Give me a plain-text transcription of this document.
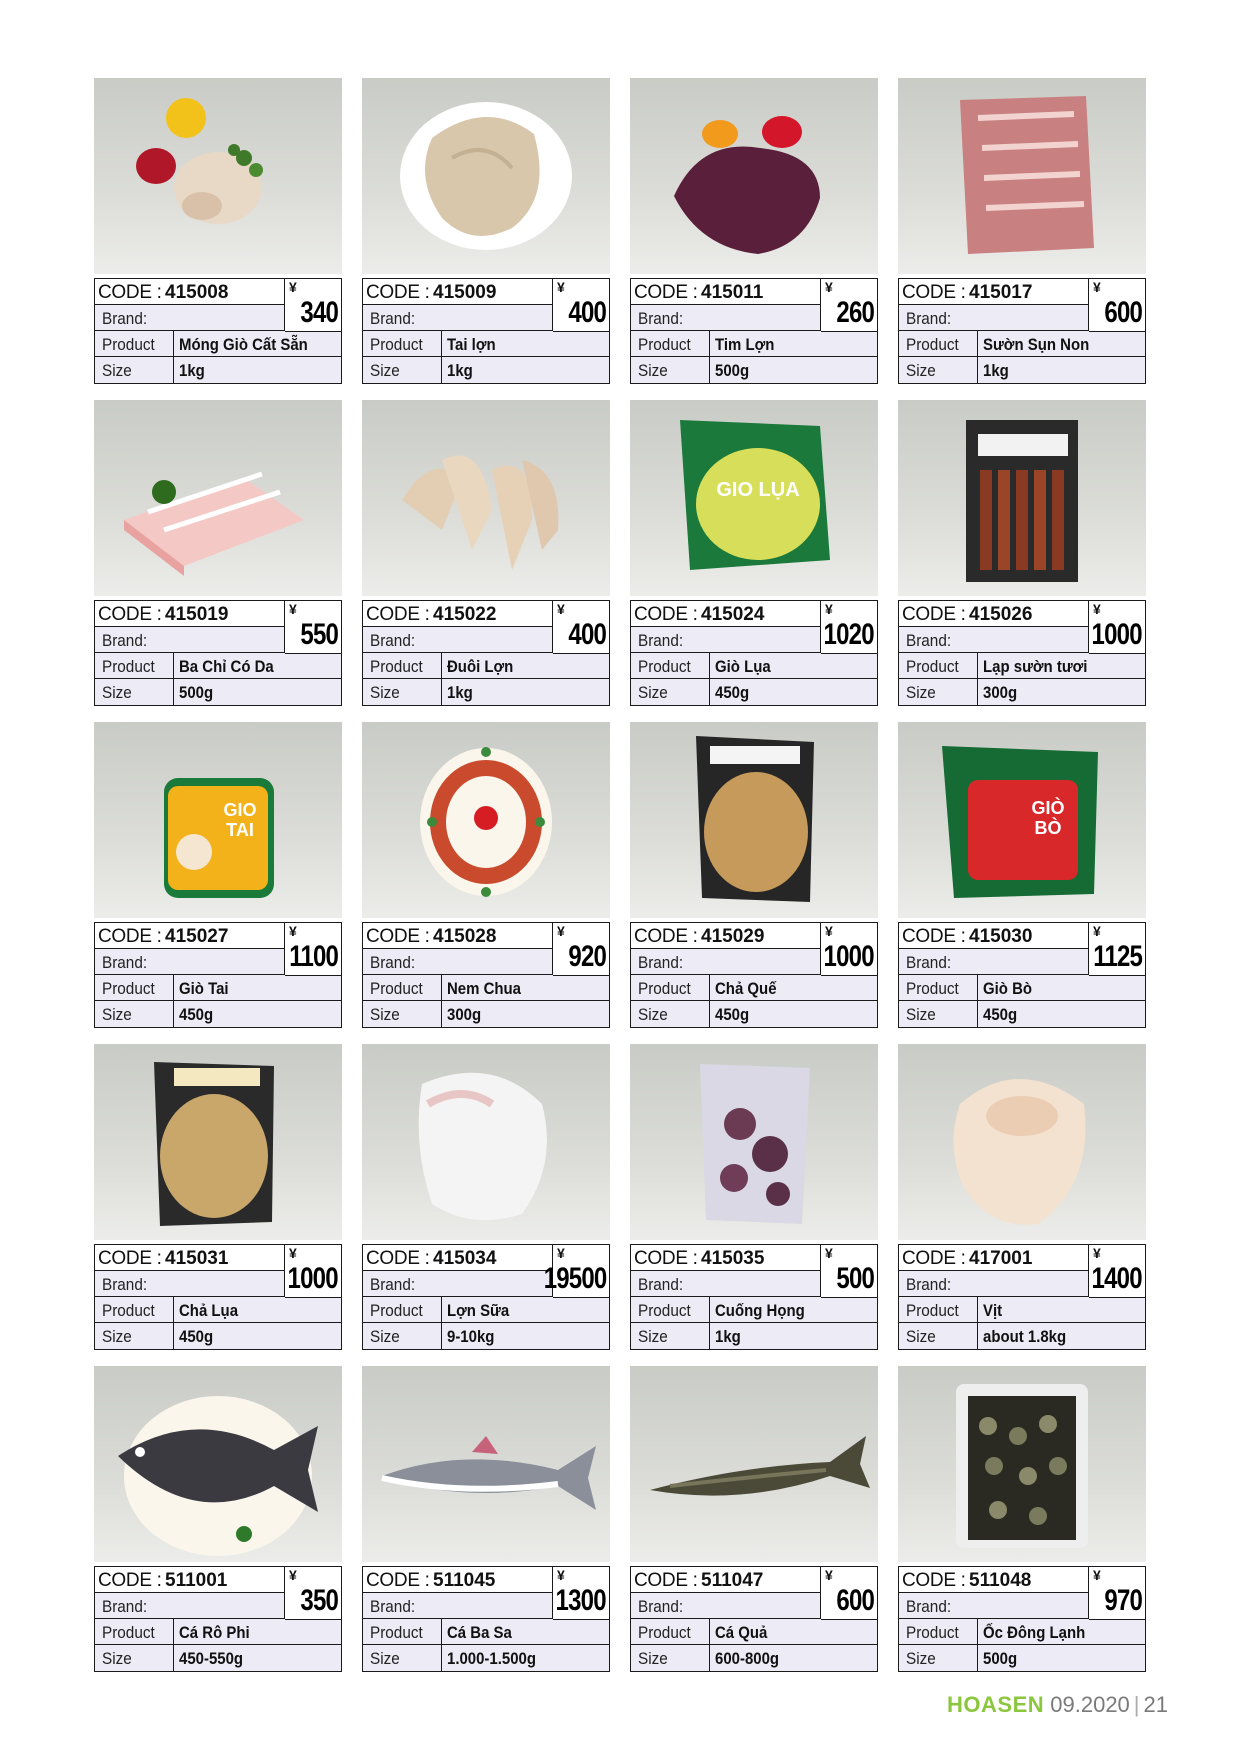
CODE : 415008
Brand:
Product Móng Giò Cất Sẵn
Size	1kg
¥
340
CODE : 415009
Brand:
Product Tai lợn
Size	1kg
¥
400
CODE : 415011
Brand:
Product Tim Lợn
Size	500g
¥
260
CODE : 415017
Brand:
Product Sườn Sụn Non
Size	1kg
¥
600
CODE : 415019
Brand:
Product Ba Chỉ Có Da
Size	500g
¥
550
CODE : 415022
Brand:
Product Đuôi Lợn
Size	1kg
¥
400
GIO LỤA
CODE : 415024
Brand:
Product Giò Lụa
Size	450g
¥
1020
CODE : 415026
Brand:
Product Lạp sườn tươi
Size	300g
¥
1000
GIO
TAI
CODE : 415027
Brand:
Product Giò Tai
Size	450g
¥
1100
CODE : 415028
Brand:
Product Nem Chua
Size	300g
¥
920
CODE : 415029
Brand:
Product Chả Quế
Size	450g
¥
1000
GIÒ
BÒ
CODE : 415030
Brand:
Product Giò Bò
Size	450g
¥
1125
CODE : 415031
Brand:
Product Chả Lụa
Size	450g
¥
1000
CODE : 415034
Brand:
Product Lợn Sữa
Size	9-10kg
¥
19500
CODE : 415035
Brand:
Product Cuống Họng
Size	1kg
¥
500
CODE : 417001
Brand:
Product Vịt
Size	about 1.8kg
¥
1400
CODE : 511001
Brand:
Product Cá Rô Phi
Size	450-550g
¥
350
CODE : 511045
Brand:
Product Cá Ba Sa
Size	1.000-1.500g
¥
1300
CODE : 511047
Brand:
Product Cá Quả
Size	600-800g
¥
600
CODE : 511048
Brand:
Product Ốc Đông Lạnh
Size	500g
¥
970
HOASEN 09.2020 | 21
